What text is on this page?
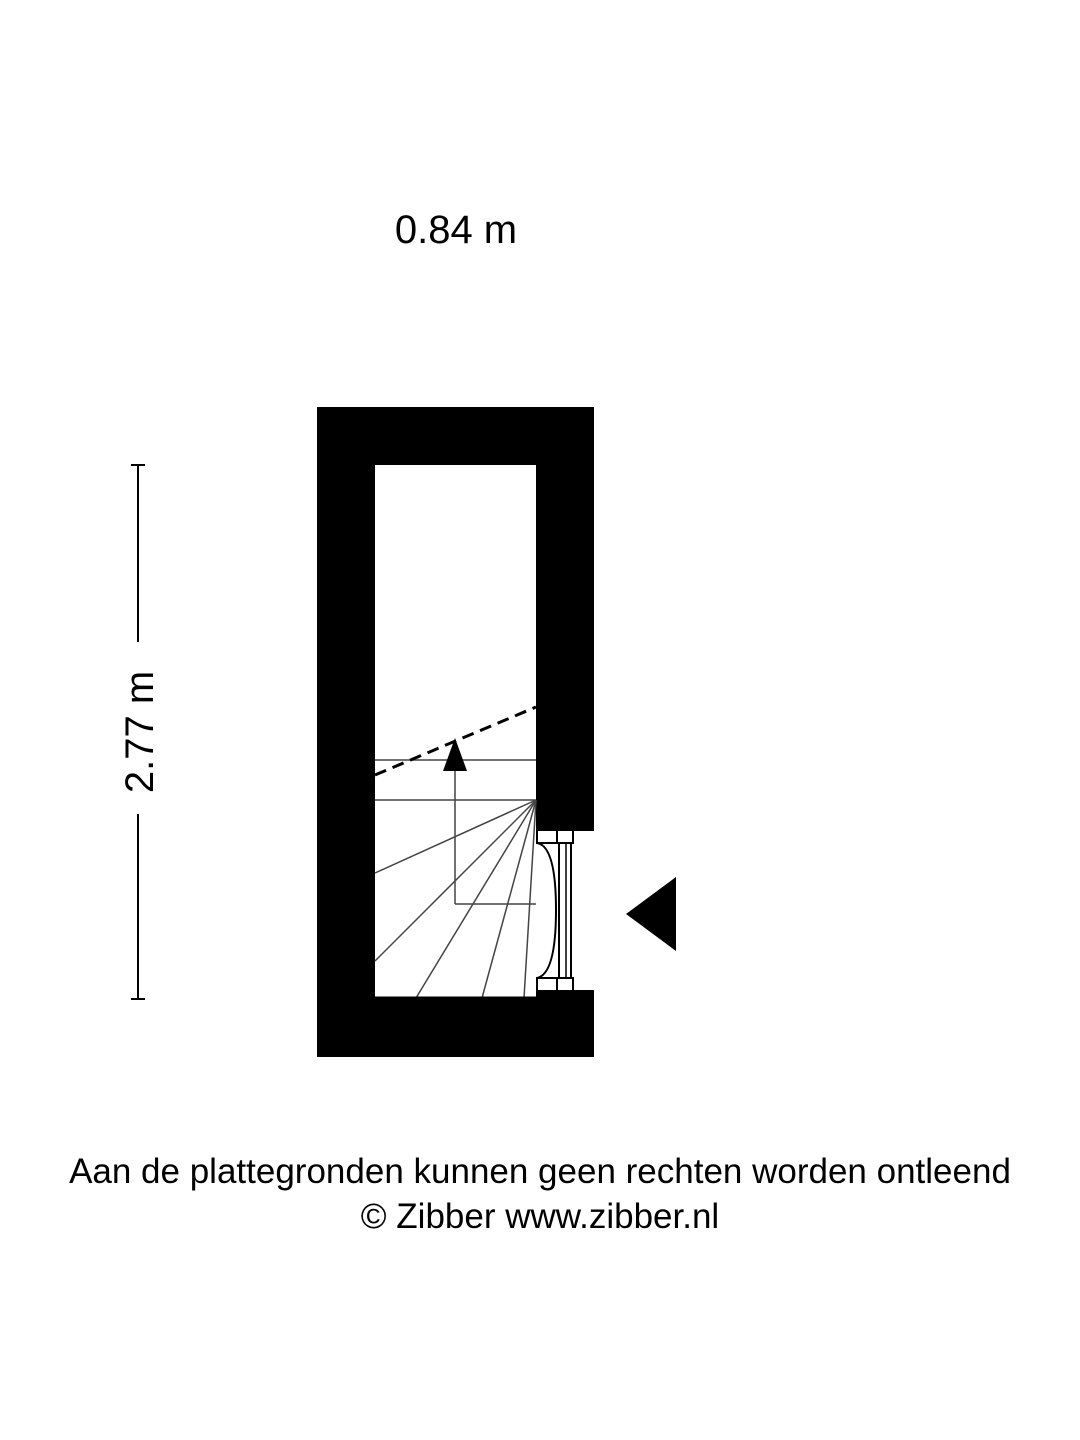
0.84 m
2.77 m
Aan de plattegronden kunnen geen rechten worden ontleend
© Zibber www.zibber.nl
